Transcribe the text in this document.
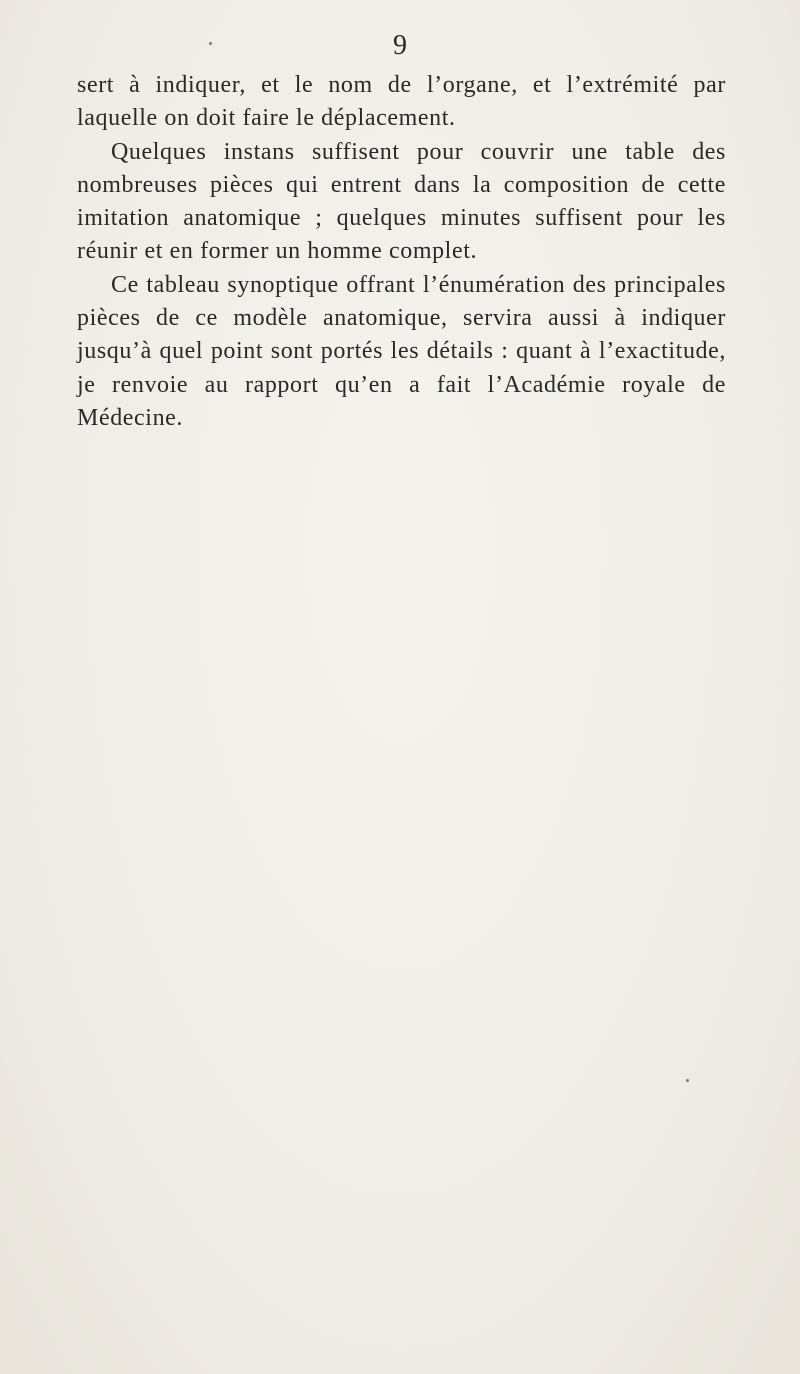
9

sert à indiquer, et le nom de l’organe, et l’extrémité par laquelle on doit faire le déplacement.

Quelques instans suffisent pour couvrir une table des nombreuses pièces qui entrent dans la composition de cette imitation anatomique ; quelques minutes suffisent pour les réunir et en former un homme complet.

Ce tableau synoptique offrant l’énumération des principales pièces de ce modèle anatomique, servira aussi à indiquer jusqu’à quel point sont portés les détails : quant à l’exactitude, je renvoie au rapport qu’en a fait l’Académie royale de Médecine.
